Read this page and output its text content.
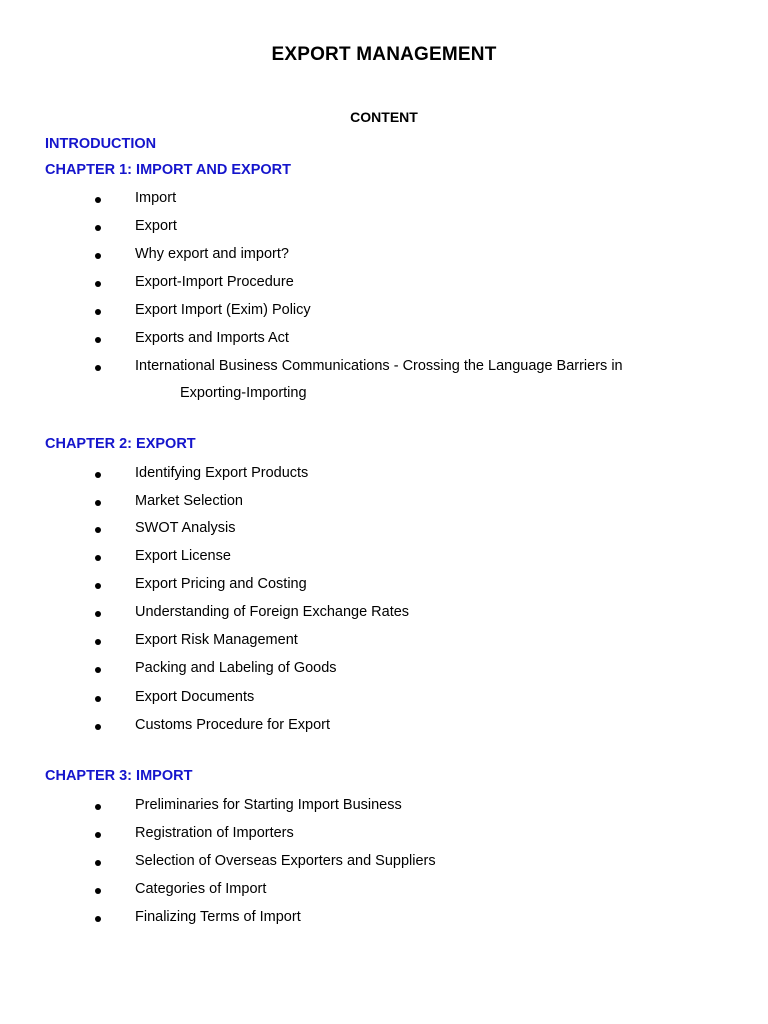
EXPORT MANAGEMENT
CONTENT
INTRODUCTION
CHAPTER 1: IMPORT AND EXPORT
Import
Export
Why export and import?
Export-Import Procedure
Export Import (Exim) Policy
Exports and Imports Act
International Business Communications - Crossing the Language Barriers in
Exporting-Importing
CHAPTER 2: EXPORT
Identifying Export Products
Market Selection
SWOT Analysis
Export License
Export Pricing and Costing
Understanding of Foreign Exchange Rates
Export Risk Management
Packing and Labeling of Goods
Export Documents
Customs Procedure for Export
CHAPTER 3: IMPORT
Preliminaries for Starting Import Business
Registration of Importers
Selection of Overseas Exporters and Suppliers
Categories of Import
Finalizing Terms of Import
